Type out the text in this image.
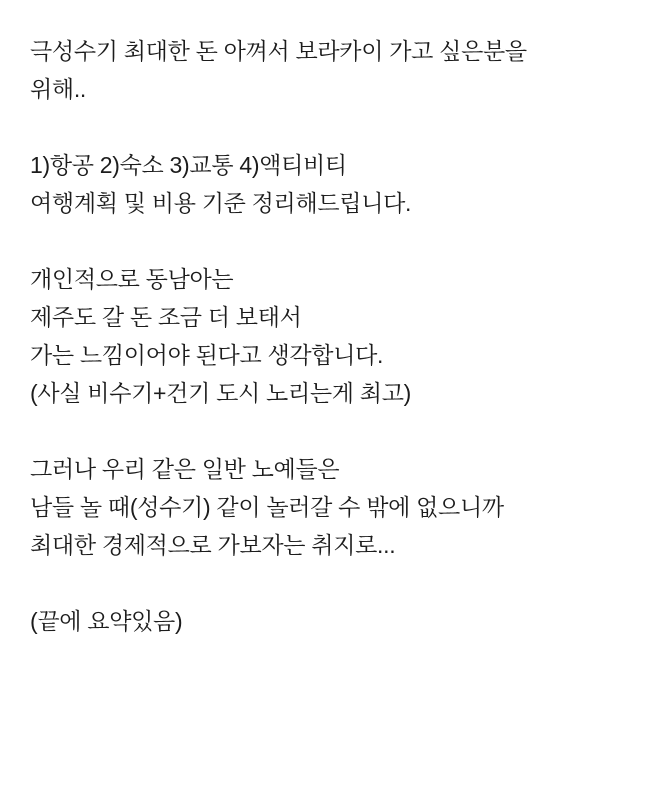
극성수기 최대한 돈 아껴서 보라카이 가고 싶은분을
위해..
1)항공 2)숙소 3)교통 4)액티비티
여행계획 및 비용 기준 정리해드립니다.
개인적으로 동남아는
제주도 갈 돈 조금 더 보태서
가는 느낌이어야 된다고 생각합니다.
(사실 비수기+건기 도시 노리는게 최고)
그러나 우리 같은 일반 노예들은
남들 놀 때(성수기) 같이 놀러갈 수 밖에 없으니까
최대한 경제적으로 가보자는 취지로...
(끝에 요약있음)
